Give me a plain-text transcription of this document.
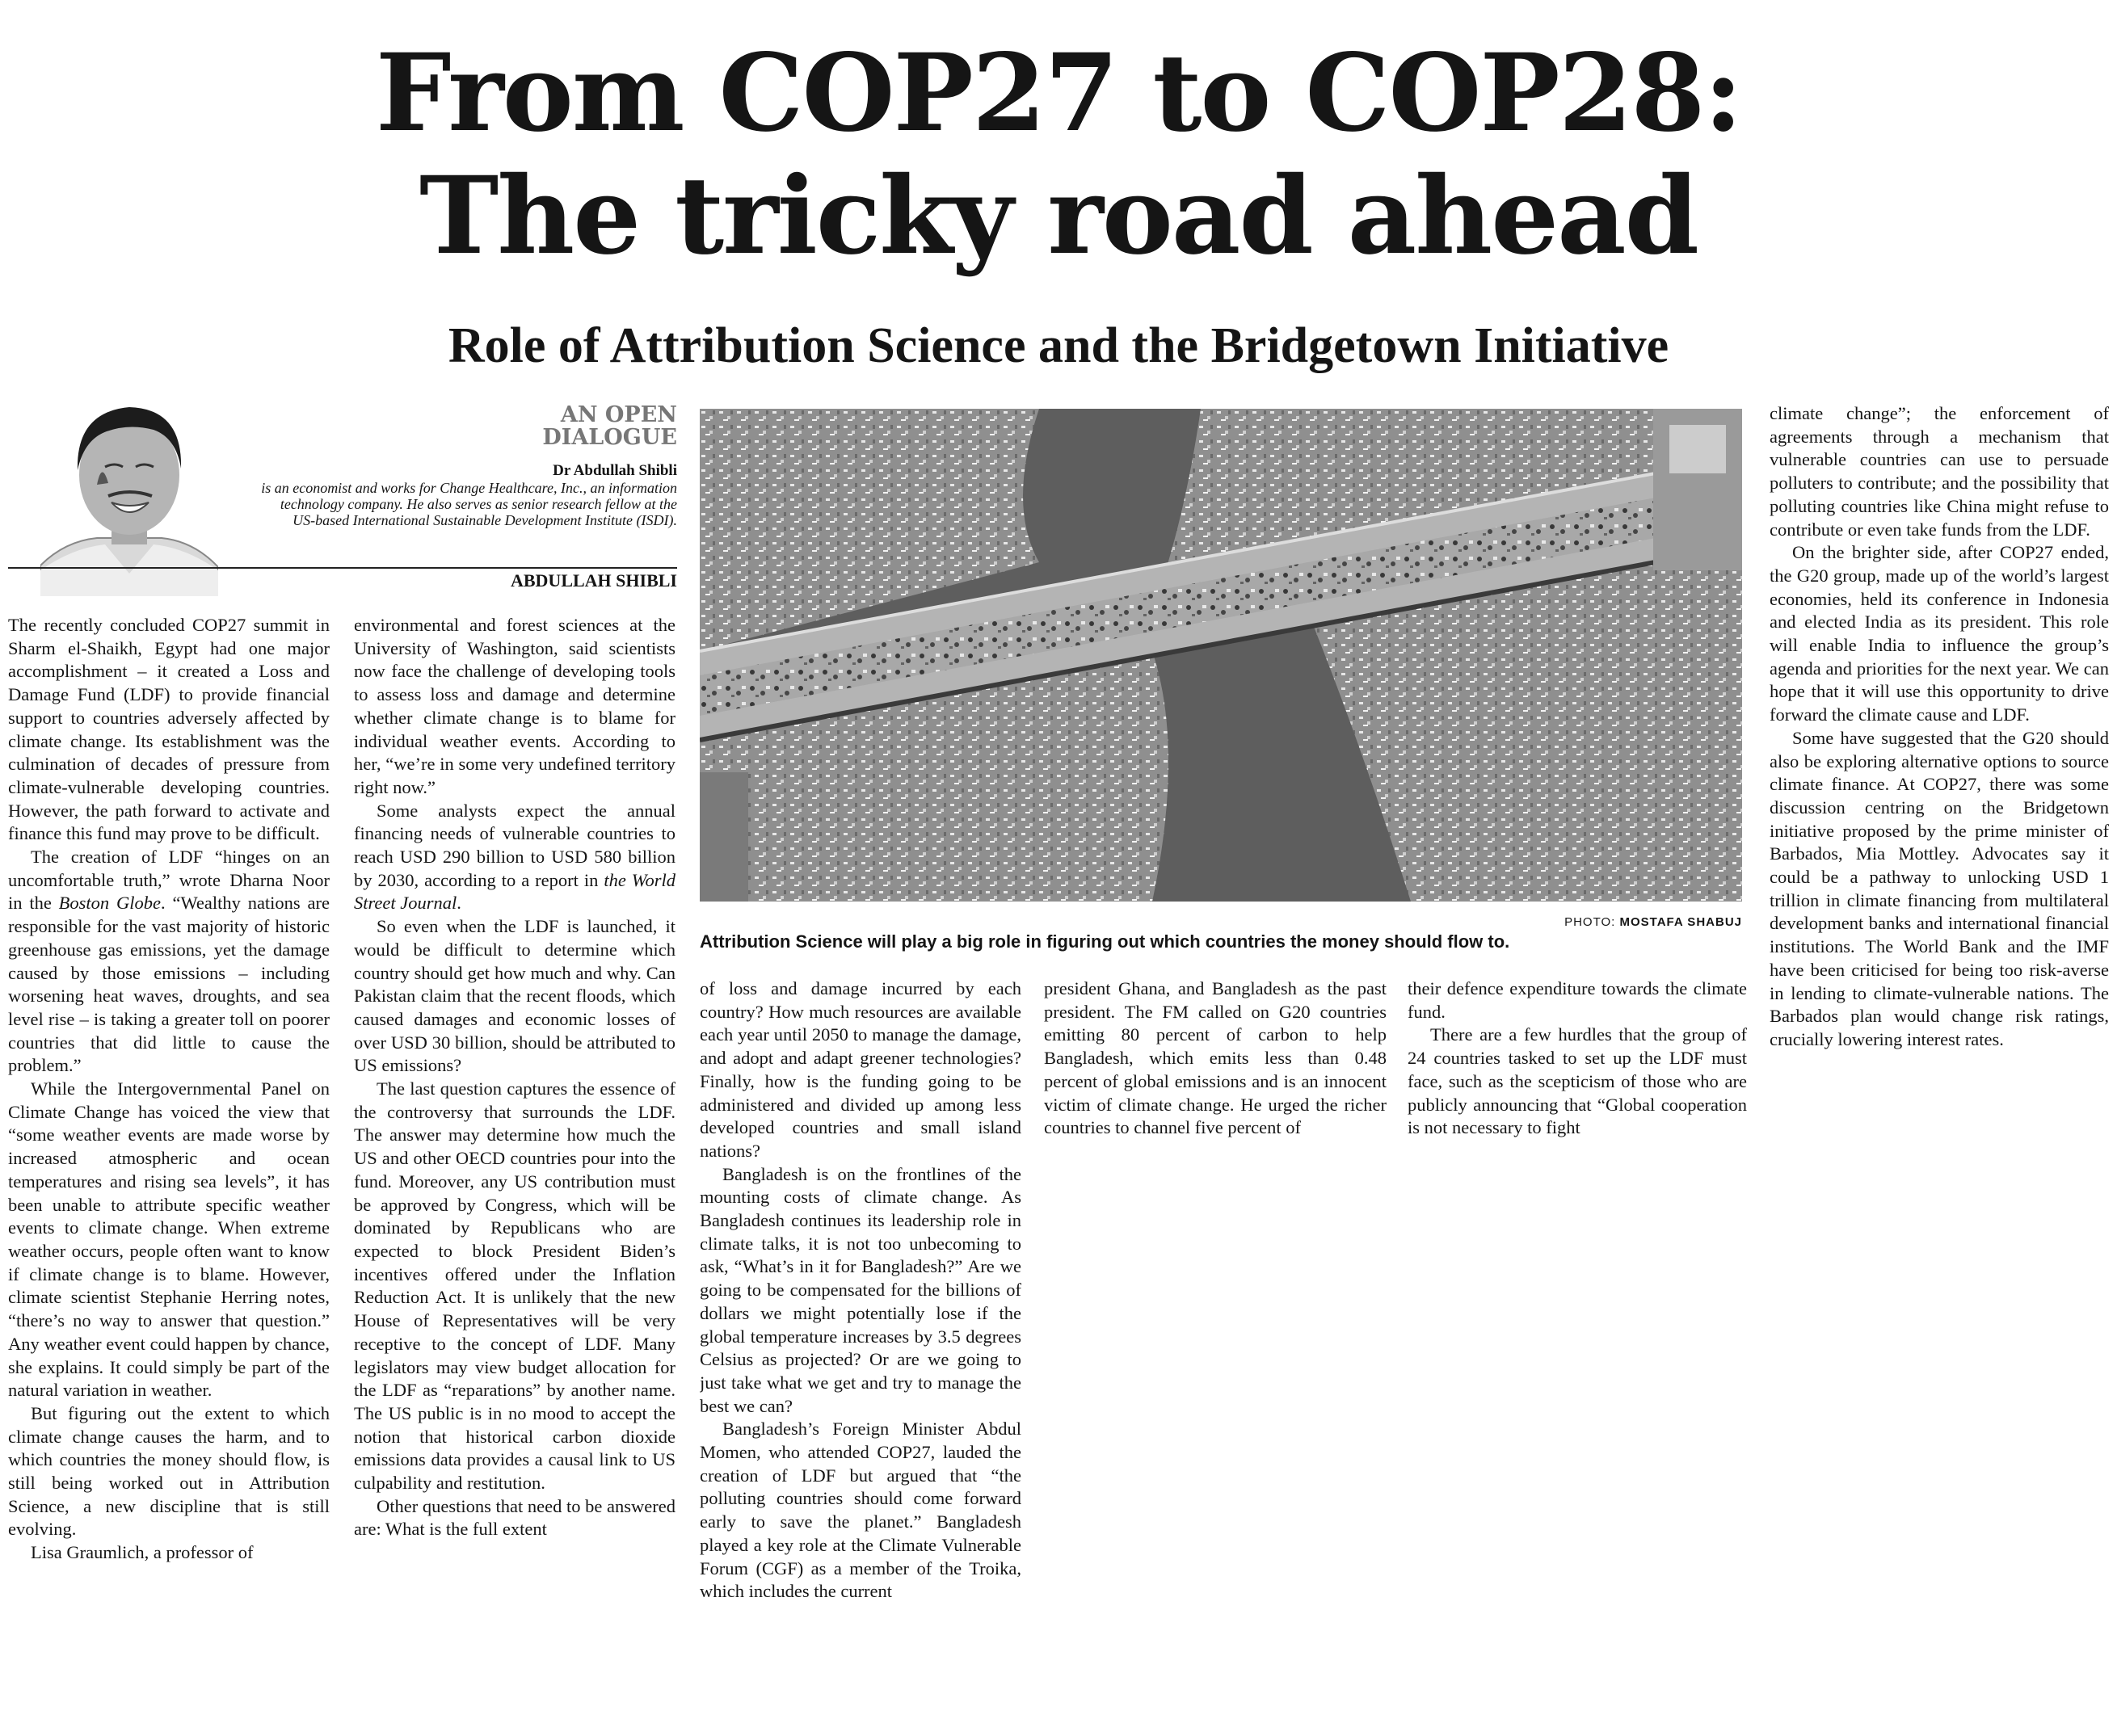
From COP27 to COP28:
The tricky road ahead
Role of Attribution Science and the Bridgetown Initiative
AN OPEN
DIALOGUE
Dr Abdullah Shibli
is an economist and works for Change Healthcare, Inc., an information technology company. He also serves as senior research fellow at the US-based International Sustainable Development Institute (ISDI).
ABDULLAH SHIBLI
PHOTO: MOSTAFA SHABUJ
Attribution Science will play a big role in figuring out which countries the money should flow to.

The recently concluded COP27 summit in Sharm el-Shaikh, Egypt had one major accomplishment – it created a Loss and Damage Fund (LDF) to provide financial support to countries adversely affected by climate change. Its establishment was the culmination of decades of pressure from climate-vulnerable developing countries. However, the path forward to activate and finance this fund may prove to be difficult.

The creation of LDF “hinges on an uncomfortable truth,” wrote Dharna Noor in the Boston Globe. “Wealthy nations are responsible for the vast majority of historic greenhouse gas emissions, yet the damage caused by those emissions – including worsening heat waves, droughts, and sea level rise – is taking a greater toll on poorer countries that did little to cause the problem.”

While the Intergovernmental Panel on Climate Change has voiced the view that “some weather events are made worse by increased atmospheric and ocean temperatures and rising sea levels”, it has been unable to attribute specific weather events to climate change. When extreme weather occurs, people often want to know if climate change is to blame. However, climate scientist Stephanie Herring notes, “there’s no way to answer that question.” Any weather event could happen by chance, she explains. It could simply be part of the natural variation in weather.

But figuring out the extent to which climate change causes the harm, and to which countries the money should flow, is still being worked out in Attribution Science, a new discipline that is still evolving.

Lisa Graumlich, a professor of

environmental and forest sciences at the University of Washington, said scientists now face the challenge of developing tools to assess loss and damage and determine whether climate change is to blame for individual weather events. According to her, “we’re in some very undefined territory right now.”

Some analysts expect the annual financing needs of vulnerable countries to reach USD 290 billion to USD 580 billion by 2030, according to a report in the World Street Journal.

So even when the LDF is launched, it would be difficult to determine which country should get how much and why. Can Pakistan claim that the recent floods, which caused damages and economic losses of over USD 30 billion, should be attributed to US emissions?

The last question captures the essence of the controversy that surrounds the LDF. The answer may determine how much the US and other OECD countries pour into the fund. Moreover, any US contribution must be approved by Congress, which will be dominated by Republicans who are expected to block President Biden’s incentives offered under the Inflation Reduction Act. It is unlikely that the new House of Representatives will be very receptive to the concept of LDF. Many legislators may view budget allocation for the LDF as “reparations” by another name. The US public is in no mood to accept the notion that historical carbon dioxide emissions data provides a causal link to US culpability and restitution.

Other questions that need to be answered are: What is the full extent

of loss and damage incurred by each country? How much resources are available each year until 2050 to manage the damage, and adopt and adapt greener technologies? Finally, how is the funding going to be administered and divided up among less developed countries and small island nations?

Bangladesh is on the frontlines of the mounting costs of climate change. As Bangladesh continues its leadership role in climate talks, it is not too unbecoming to ask, “What’s in it for Bangladesh?” Are we going to be compensated for the billions of dollars we might potentially lose if the global temperature increases by 3.5 degrees Celsius as projected? Or are we going to just take what we get and try to manage the best we can?

Bangladesh’s Foreign Minister Abdul Momen, who attended COP27, lauded the creation of LDF but argued that “the polluting countries should come forward early to save the planet.” Bangladesh played a key role at the Climate Vulnerable Forum (CGF) as a member of the Troika, which includes the current

president Ghana, and Bangladesh as the past president. The FM called on G20 countries emitting 80 percent of carbon to help Bangladesh, which emits less than 0.48 percent of global emissions and is an innocent victim of climate change. He urged the richer countries to channel five percent of

their defence expenditure towards the climate fund.

There are a few hurdles that the group of 24 countries tasked to set up the LDF must face, such as the scepticism of those who are publicly announcing that “Global cooperation is not necessary to fight

climate change”; the enforcement of agreements through a mechanism that vulnerable countries can use to persuade polluters to contribute; and the possibility that polluting countries like China might refuse to contribute or even take funds from the LDF.

On the brighter side, after COP27 ended, the G20 group, made up of the world’s largest economies, held its conference in Indonesia and elected India as its president. This role will enable India to influence the group’s agenda and priorities for the next year. We can hope that it will use this opportunity to drive forward the climate cause and LDF.

Some have suggested that the G20 should also be exploring alternative options to source climate finance. At COP27, there was some discussion centring on the Bridgetown initiative proposed by the prime minister of Barbados, Mia Mottley. Advocates say it could be a pathway to unlocking USD 1 trillion in climate financing from multilateral development banks and international financial institutions. The World Bank and the IMF have been criticised for being too risk-averse in lending to climate-vulnerable nations. The Barbados plan would change risk ratings, crucially lowering interest rates.
